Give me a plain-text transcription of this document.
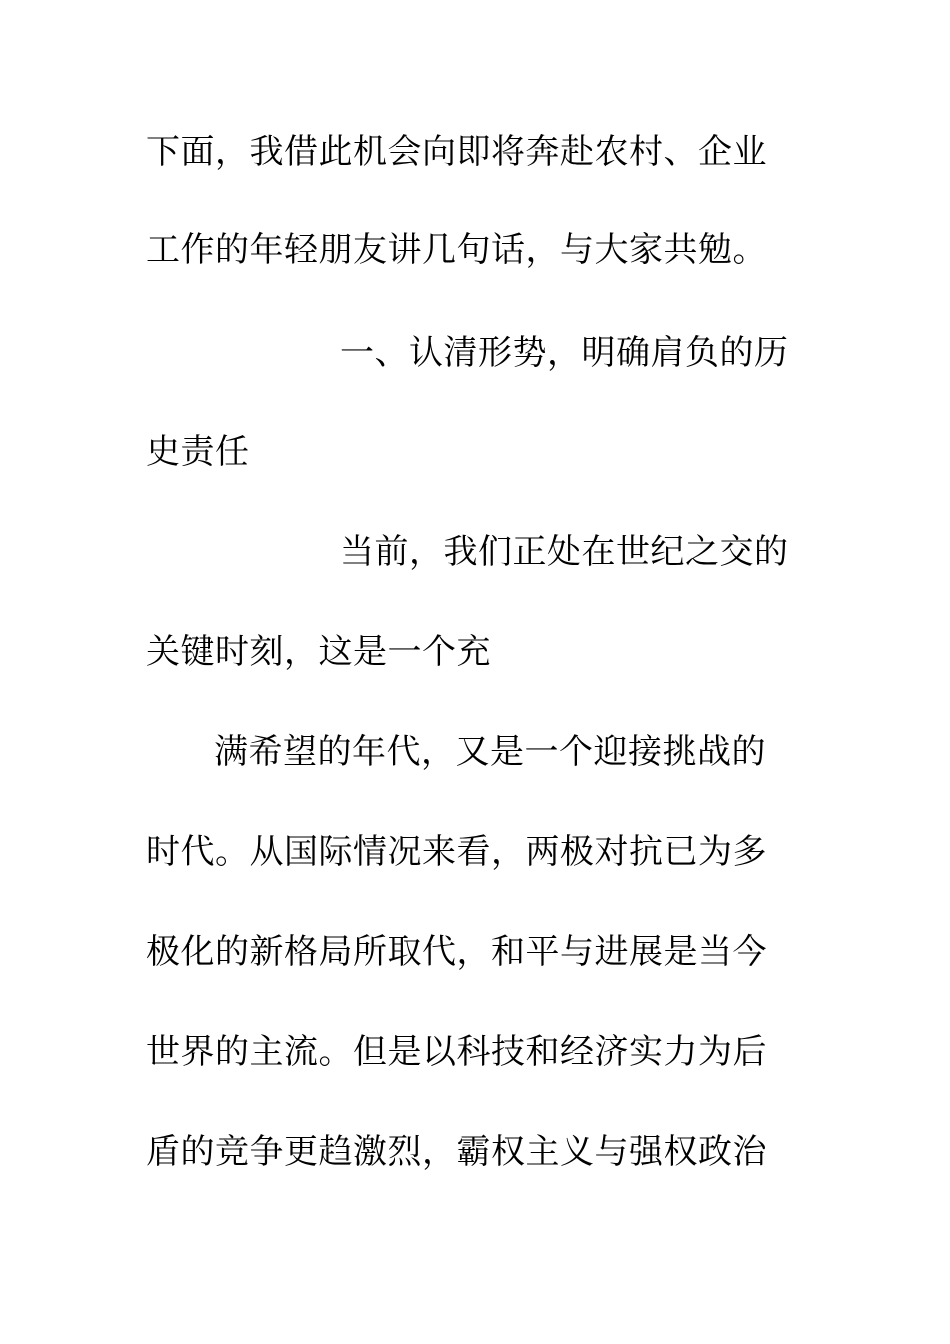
下面，我借此机会向即将奔赴农村、企业
工作的年轻朋友讲几句话，与大家共勉。
一、认清形势，明确肩负的历
史责任
当前，我们正处在世纪之交的
关键时刻，这是一个充
满希望的年代，又是一个迎接挑战的
时代。从国际情况来看，两极对抗已为多
极化的新格局所取代，和平与进展是当今
世界的主流。但是以科技和经济实力为后
盾的竞争更趋激烈，霸权主义与强权政治
